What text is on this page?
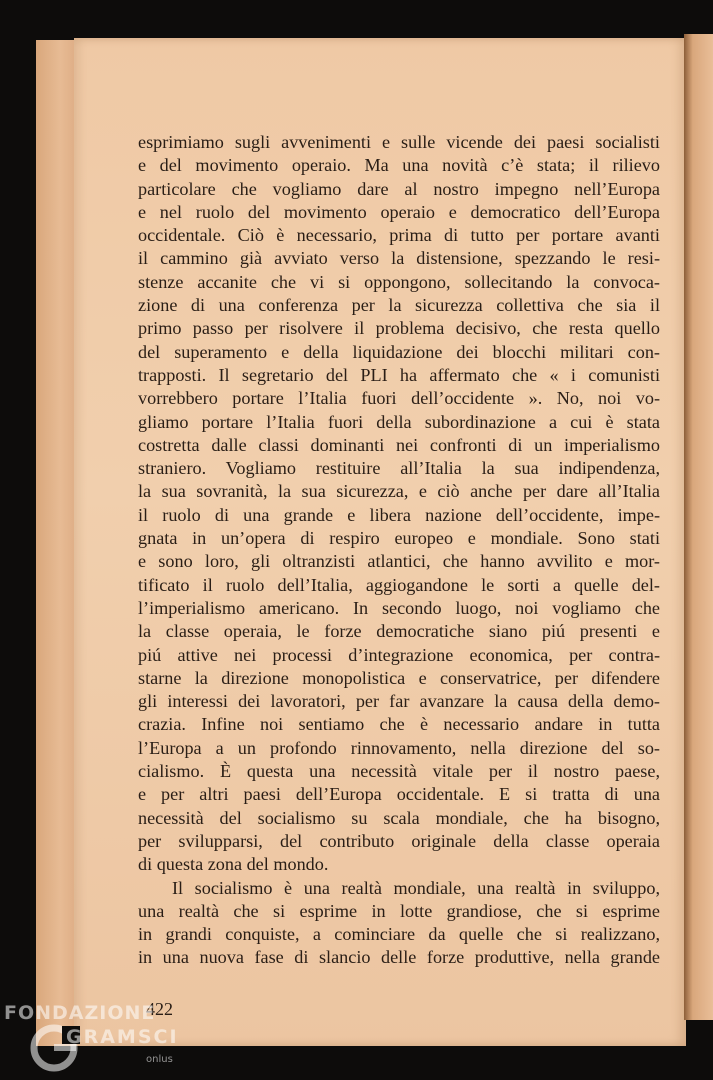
esprimiamo sugli avvenimenti e sulle vicende dei paesi socialisti
e del movimento operaio. Ma una novità c’è stata; il rilievo
particolare che vogliamo dare al nostro impegno nell’Europa
e nel ruolo del movimento operaio e democratico dell’Europa
occidentale. Ciò è necessario, prima di tutto per portare avanti
il cammino già avviato verso la distensione, spezzando le resi-
stenze accanite che vi si oppongono, sollecitando la convoca-
zione di una conferenza per la sicurezza collettiva che sia il
primo passo per risolvere il problema decisivo, che resta quello
del superamento e della liquidazione dei blocchi militari con-
trapposti. Il segretario del PLI ha affermato che « i comunisti
vorrebbero portare l’Italia fuori dell’occidente ». No, noi vo-
gliamo portare l’Italia fuori della subordinazione a cui è stata
costretta dalle classi dominanti nei confronti di un imperialismo
straniero. Vogliamo restituire all’Italia la sua indipendenza,
la sua sovranità, la sua sicurezza, e ciò anche per dare all’Italia
il ruolo di una grande e libera nazione dell’occidente, impe-
gnata in un’opera di respiro europeo e mondiale. Sono stati
e sono loro, gli oltranzisti atlantici, che hanno avvilito e mor-
tificato il ruolo dell’Italia, aggiogandone le sorti a quelle del-
l’imperialismo americano. In secondo luogo, noi vogliamo che
la classe operaia, le forze democratiche siano piú presenti e
piú attive nei processi d’integrazione economica, per contra-
starne la direzione monopolistica e conservatrice, per difendere
gli interessi dei lavoratori, per far avanzare la causa della demo-
crazia. Infine noi sentiamo che è necessario andare in tutta
l’Europa a un profondo rinnovamento, nella direzione del so-
cialismo. È questa una necessità vitale per il nostro paese,
e per altri paesi dell’Europa occidentale. E si tratta di una
necessità del socialismo su scala mondiale, che ha bisogno,
per svilupparsi, del contributo originale della classe operaia
di questa zona del mondo.
Il socialismo è una realtà mondiale, una realtà in sviluppo,
una realtà che si esprime in lotte grandiose, che si esprime
in grandi conquiste, a cominciare da quelle che si realizzano,
in una nuova fase di slancio delle forze produttive, nella grande
422
FONDAZIONE
GRAMSCI
onlus
